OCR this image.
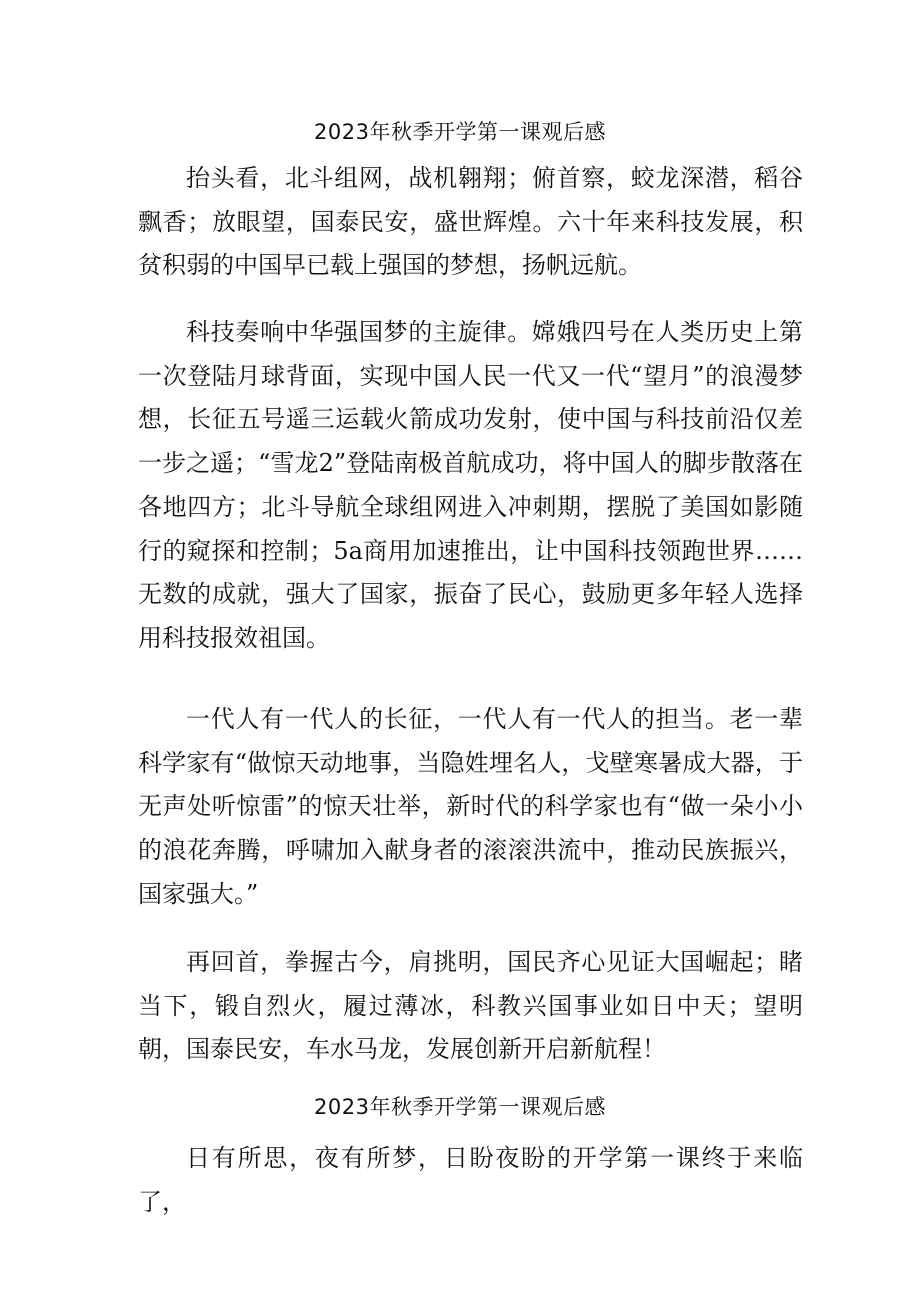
2023年秋季开学第一课观后感

抬头看，北斗组网，战机翱翔；俯首察，蛟龙深潜，稻谷飘香；放眼望，国泰民安，盛世辉煌。六十年来科技发展，积贫积弱的中国早已载上强国的梦想，扬帆远航。

科技奏响中华强国梦的主旋律。嫦娥四号在人类历史上第一次登陆月球背面，实现中国人民一代又一代“望月”的浪漫梦想，长征五号遥三运载火箭成功发射，使中国与科技前沿仅差一步之遥；“雪龙2”登陆南极首航成功，将中国人的脚步散落在各地四方；北斗导航全球组网进入冲刺期，摆脱了美国如影随行的窥探和控制；5a商用加速推出，让中国科技领跑世界……无数的成就，强大了国家，振奋了民心，鼓励更多年轻人选择用科技报效祖国。

一代人有一代人的长征，一代人有一代人的担当。老一辈科学家有“做惊天动地事，当隐姓埋名人，戈壁寒暑成大器，于无声处听惊雷”的惊天壮举，新时代的科学家也有“做一朵小小的浪花奔腾，呼啸加入献身者的滚滚洪流中，推动民族振兴，国家强大。”

再回首，拳握古今，肩挑明，国民齐心见证大国崛起；睹当下，锻自烈火，履过薄冰，科教兴国事业如日中天；望明朝，国泰民安，车水马龙，发展创新开启新航程！

2023年秋季开学第一课观后感

日有所思，夜有所梦，日盼夜盼的开学第一课终于来临了，
